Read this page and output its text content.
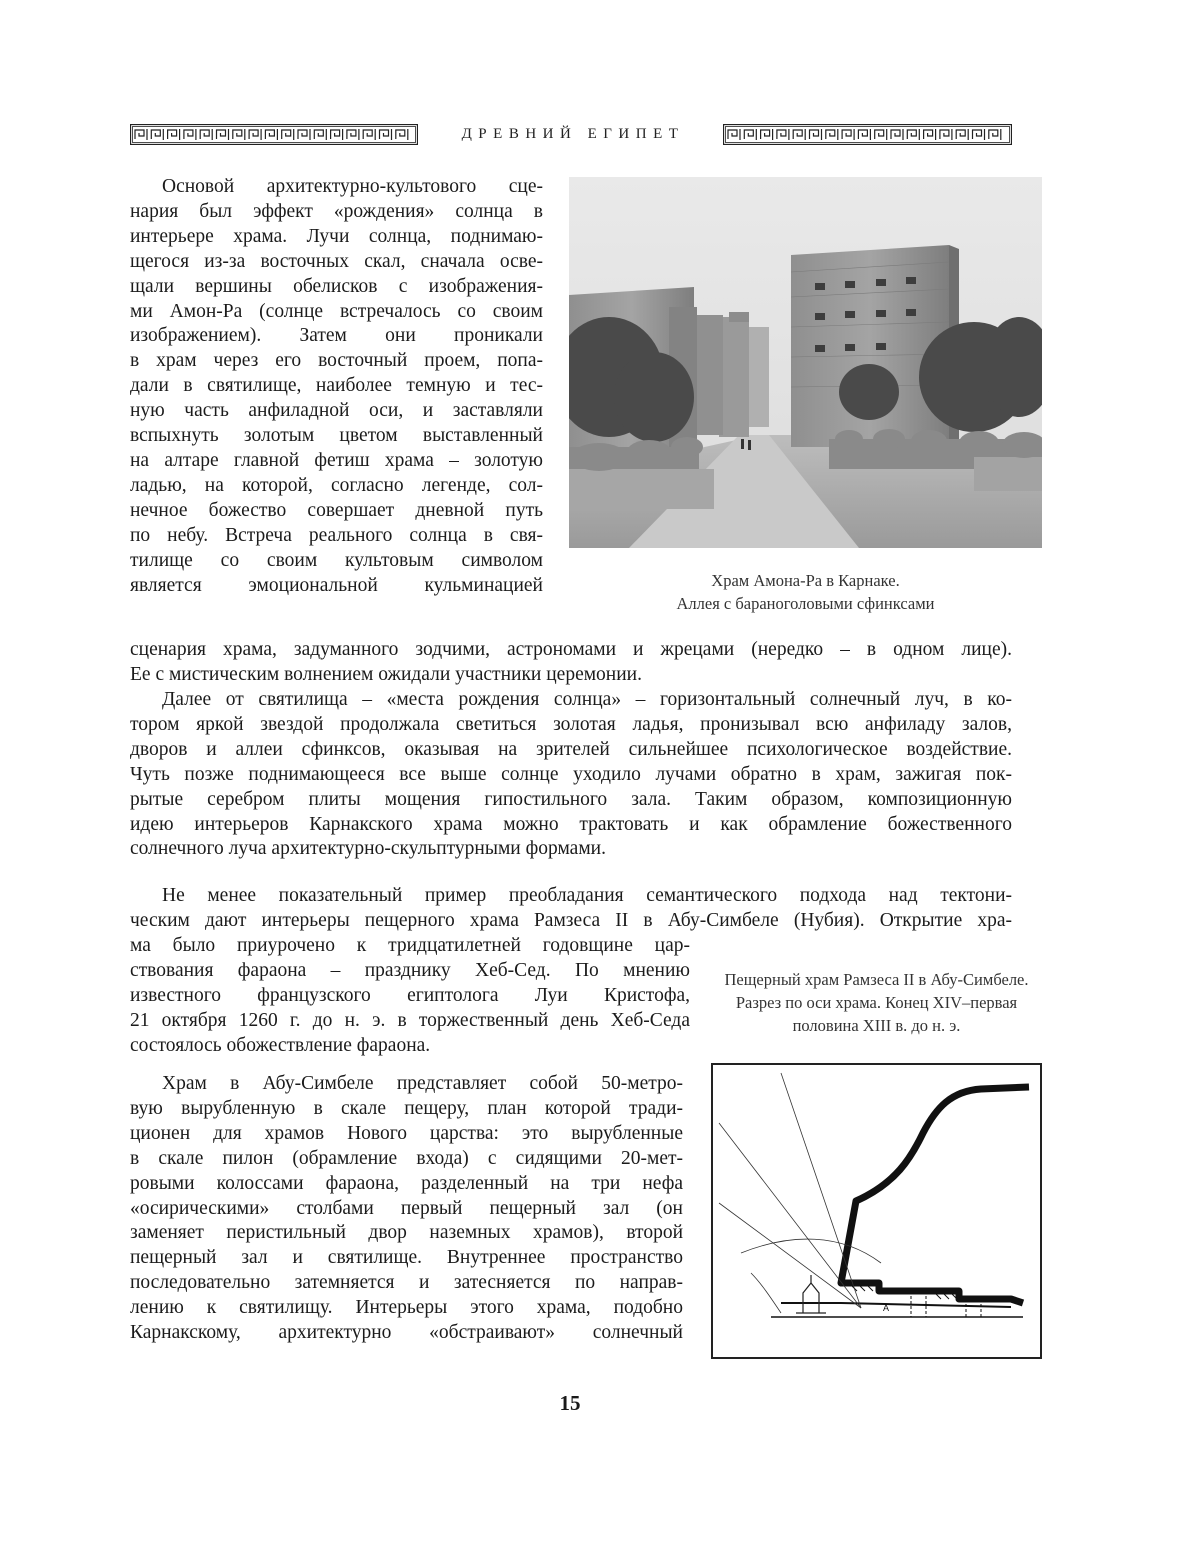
ДРЕВНИЙ ЕГИПЕТ
Храм Амона-Ра в Карнаке.
Аллея с бараноголовыми сфинксами
Основой архитектурно-культового сце-
нария был эффект «рождения» солнца в
интерьере храма. Лучи солнца, поднимаю-
щегося из-за восточных скал, сначала осве-
щали вершины обелисков с изображения-
ми Амон-Ра (солнце встречалось со своим
изображением). Затем они проникали
в храм через его восточный проем, попа-
дали в святилище, наиболее темную и тес-
ную часть анфиладной оси, и заставляли
вспыхнуть золотым цветом выставленный
на алтаре главной фетиш храма – золотую
ладью, на которой, согласно легенде, сол-
нечное божество совершает дневной путь
по небу. Встреча реального солнца в свя-
тилище со своим культовым символом
является эмоциональной кульминацией
сценария храма, задуманного зодчими, астрономами и жрецами (нередко – в одном лице).
Ее с мистическим волнением ожидали участники церемонии.
Далее от святилища – «места рождения солнца» – горизонтальный солнечный луч, в ко-
тором яркой звездой продолжала светиться золотая ладья, пронизывал всю анфиладу залов,
дворов и аллеи сфинксов, оказывая на зрителей сильнейшее психологическое воздействие.
Чуть позже поднимающееся все выше солнце уходило лучами обратно в храм, зажигая пок-
рытые серебром плиты мощения гипостильного зала. Таким образом, композиционную
идею интерьеров Карнакского храма можно трактовать и как обрамление божественного
солнечного луча архитектурно-скульптурными формами.
Не менее показательный пример преобладания семантического подхода над тектони-
ческим дают интерьеры пещерного храма Рамзеса II в Абу-Симбеле (Нубия). Открытие хра-
ма было приурочено к тридцатилетней годовщине цар-
ствования фараона – празднику Хеб-Сед. По мнению
известного французского египтолога Луи Кристофа,
21 октября 1260 г. до н. э. в торжественный день Хеб-Седа
состоялось обожествление фараона.
Храм в Абу-Симбеле представляет собой 50-метро-
вую вырубленную в скале пещеру, план которой тради-
ционен для храмов Нового царства: это вырубленные
в скале пилон (обрамление входа) с сидящими 20-мет-
ровыми колоссами фараона, разделенный на три нефа
«осирическими» столбами первый пещерный зал (он
заменяет перистильный двор наземных храмов), второй
пещерный зал и святилище. Внутреннее пространство
последовательно затемняется и затесняется по направ-
лению к святилищу. Интерьеры этого храма, подобно
Карнакскому, архитектурно «обстраивают» солнечный
Пещерный храм Рамзеса II в Абу-Симбеле.
Разрез по оси храма. Конец XIV–первая
половина XIII в. до н. э.
A
15
